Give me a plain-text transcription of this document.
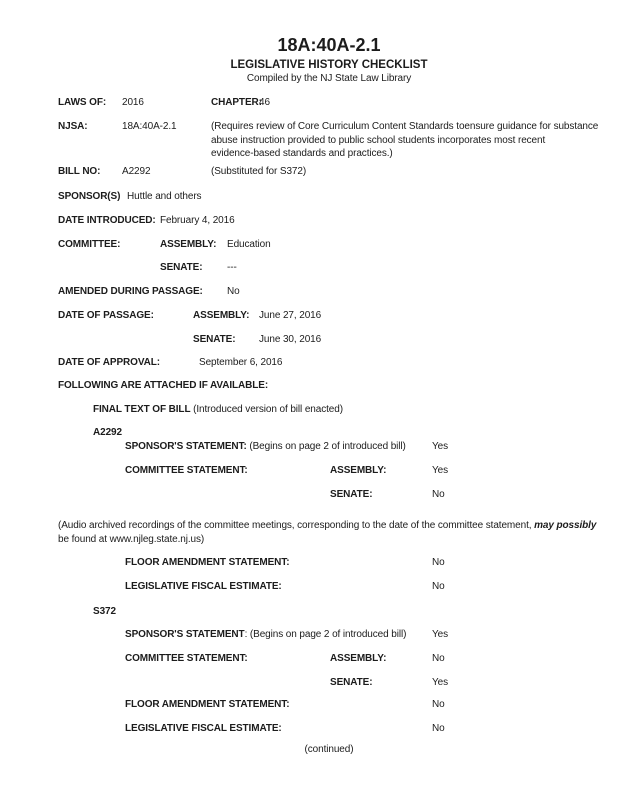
18A:40A-2.1
LEGISLATIVE HISTORY CHECKLIST
Compiled by the NJ State Law Library
LAWS OF: 2016	CHAPTER:
46
NJSA:	18A:40A-2.1	(Requires review of Core Curriculum Content Standards toensure guidance for substance
abuse instruction provided to public school students incorporates most recent
evidence-based standards and practices.)
BILL NO: A2292	(Substituted for S372)
SPONSOR(S) Huttle and others
DATE INTRODUCED: February 4, 2016
COMMITTEE:	ASSEMBLY: Education
SENATE: ---
AMENDED DURING PASSAGE: No
DATE OF PASSAGE:	ASSEMBLY: June 27, 2016
SENATE: June 30, 2016
DATE OF APPROVAL:	September 6, 2016
FOLLOWING ARE ATTACHED IF AVAILABLE:
FINAL TEXT OF BILL (Introduced version of bill enacted)
A2292
SPONSOR'S STATEMENT: (Begins on page 2 of introduced bill)	Yes
COMMITTEE STATEMENT:	ASSEMBLY:	Yes
SENATE:	No
(Audio archived recordings of the committee meetings, corresponding to the date of the committee statement, may possibly
be found at www.njleg.state.nj.us)
FLOOR AMENDMENT STATEMENT:	No
LEGISLATIVE FISCAL ESTIMATE:	No
S372
SPONSOR'S STATEMENT: (Begins on page 2 of introduced bill)	Yes
COMMITTEE STATEMENT:	ASSEMBLY:	No
SENATE:	Yes
FLOOR AMENDMENT STATEMENT:	No
LEGISLATIVE FISCAL ESTIMATE:	No
(continued)
